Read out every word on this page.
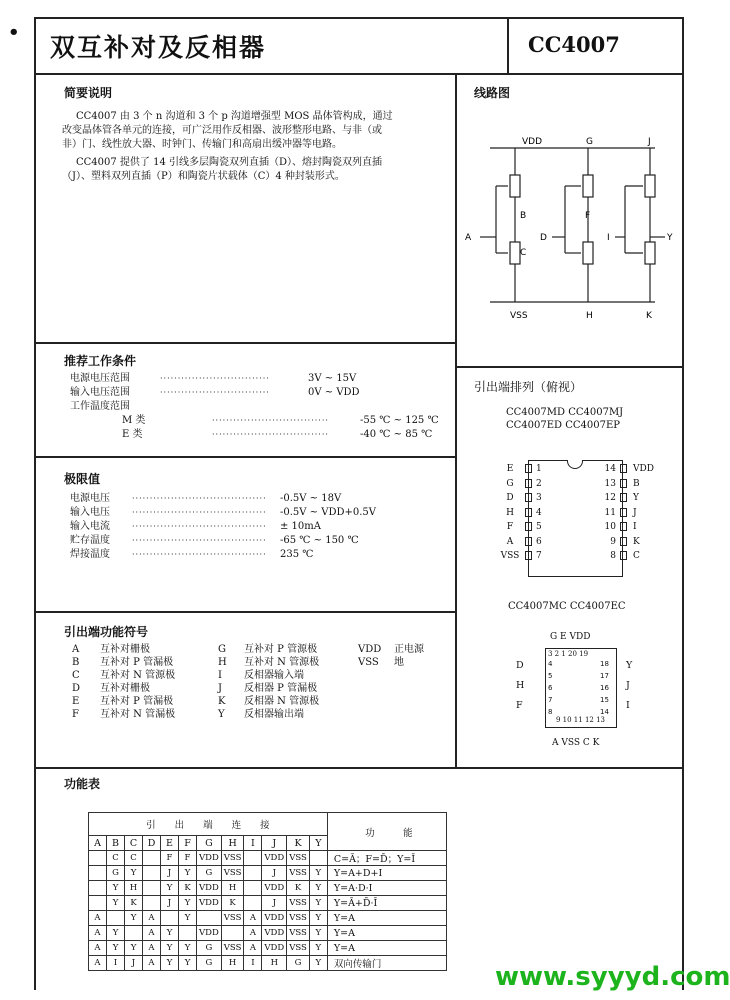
•
双互补对及反相器	CC4007
简要说明
CC4007 由 3 个 n 沟道和 3 个 p 沟道增强型 MOS 晶体管构成，通过
改变晶体管各单元的连接，可广泛用作反相器、波形整形电路、与非（或
非）门、线性放大器、时钟门、传输门和高扇出缓冲器等电路。
CC4007 提供了 14 引线多层陶瓷双列直插（D）、熔封陶瓷双列直插
（J）、塑料双列直插（P）和陶瓷片状载体（C）4 种封装形式。
线路图
VDD	G	J
B	F
A
C
D	I	Y
VSS	H	K
推荐工作条件
电源电压范围	·······························	3V ~ 15V
输入电压范围	·······························	0V ~ VDD
工作温度范围
M 类	·································	-55 ℃ ~ 125 ℃
E 类	·································	-40 ℃ ~ 85 ℃
极限值
电源电压	······································ -0.5V ~ 18V
输入电压	······································ -0.5V ~ VDD+0.5V
输入电流	······································ ± 10mA
贮存温度	······································ -65 ℃ ~ 150 ℃
焊接温度	······································ 235 ℃
引出端功能符号
A 互补对栅极
B 互补对 P 管漏极
C 互补对 N 管源极
D 互补对栅极
E 互补对 P 管漏极
F 互补对 N 管漏极
G 互补对 P 管源极
H 互补对 N 管源极
I 反相器输入端
J 反相器 P 管漏极
K 反相器 N 管源极
Y 反相器输出端
VDD 正电源
VSS 地
引出端排列（俯视）
CC4007MD CC4007MJ
CC4007ED CC4007EP
E	1
G 2
D 3
H 4
F	5
A	6
VSS 7
14 VDD
13 B
12 Y
11 J
10 I
9 K
8 C
CC4007MC CC4007EC
3 2 1 20 19
G E VDD
9 10 11 12 13
A VSS C K
4
5
6
7
8
18
17
16
15
14
D
H
F
Y
J
I
功能表
引　　出　　端　　连　　接												功　　　能
A	B	C	D	E	F	G	H	I	J	K	Y	
	C	C		F	F	VDD	VSS		VDD	VSS		C=Ā；F=D̄；Y=Ī
	G	Y		J	Y	G	VSS		J	VSS	Y	Y=A+D+I
	Y	H		Y	K	VDD	H		VDD	K	Y	Y=A·D·I
	Y	K		J	Y	VDD	K		J	VSS	Y	Y=Ā+D̄·Ī
A		Y	A		Y		VSS	A	VDD	VSS	Y	Y=A
A	Y		A	Y		VDD		A	VDD	VSS	Y	Y=A
A	Y	Y	A	Y	Y	G	VSS	A	VDD	VSS	Y	Y=A
A	I	J	A	Y	Y	G	H	I	H	G	Y	双向传输门	www.syyyd.com
